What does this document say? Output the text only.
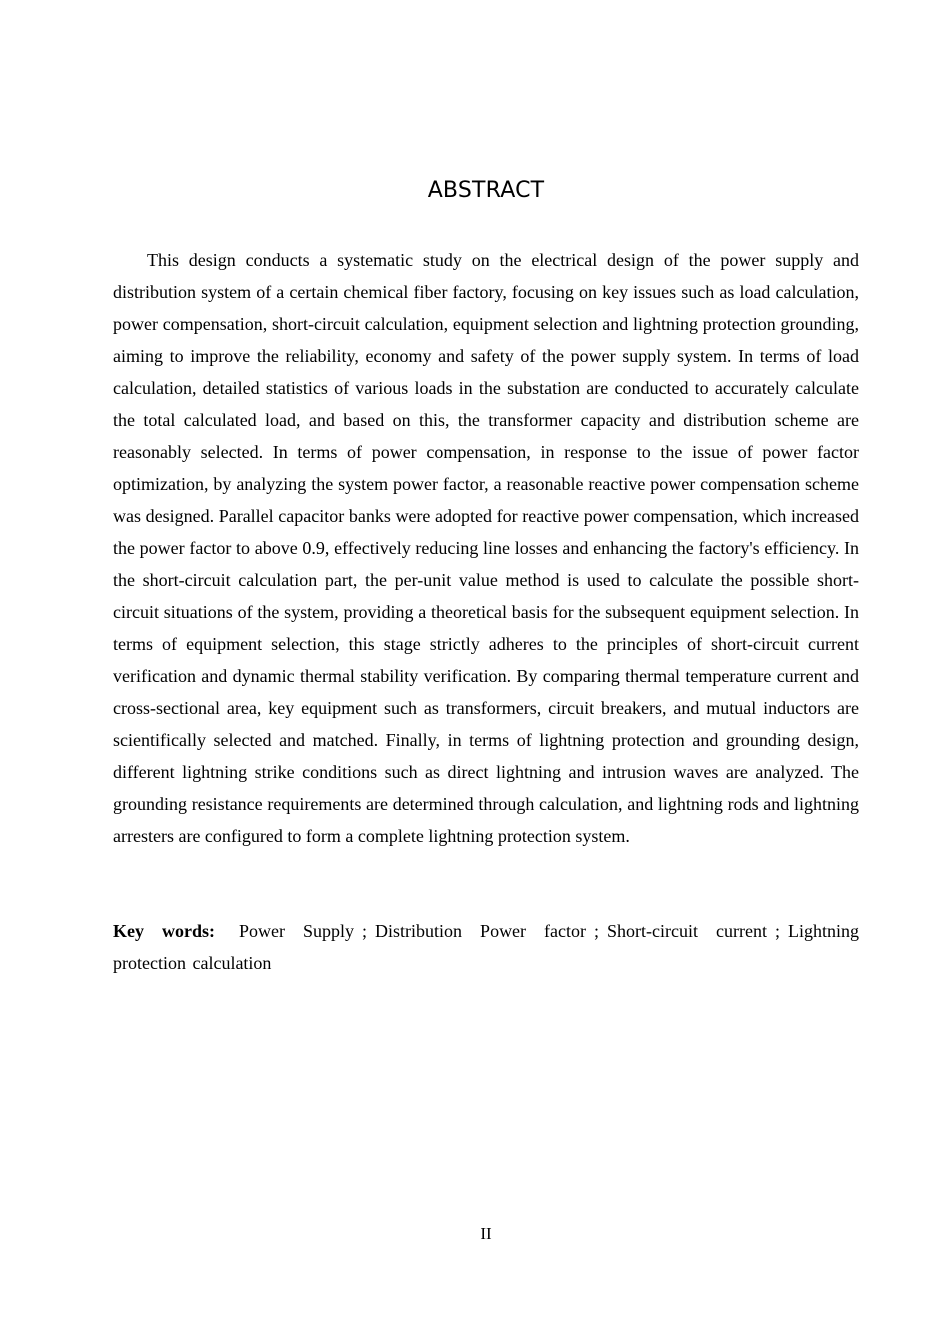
ABSTRACT

This design conducts a systematic study on the electrical design of the power supply and distribution system of a certain chemical fiber factory, focusing on key issues such as load calculation, power compensation, short-circuit calculation, equipment selection and lightning protection grounding, aiming to improve the reliability, economy and safety of the power supply system. In terms of load calculation, detailed statistics of various loads in the substation are conducted to accurately calculate the total calculated load, and based on this, the transformer capacity and distribution scheme are reasonably selected. In terms of power compensation, in response to the issue of power factor optimization, by analyzing the system power factor, a reasonable reactive power compensation scheme was designed. Parallel capacitor banks were adopted for reactive power compensation, which increased the power factor to above 0.9, effectively reducing line losses and enhancing the factory's efficiency. In the short-circuit calculation part, the per-unit value method is used to calculate the possible short-circuit situations of the system, providing a theoretical basis for the subsequent equipment selection. In terms of equipment selection, this stage strictly adheres to the principles of short-circuit current verification and dynamic thermal stability verification. By comparing thermal temperature current and cross-sectional area, key equipment such as transformers, circuit breakers, and mutual inductors are scientifically selected and matched. Finally, in terms of lightning protection and grounding design, different lightning strike conditions such as direct lightning and intrusion waves are analyzed. The grounding resistance requirements are determined through calculation, and lightning rods and lightning arresters are configured to form a complete lightning protection system.

Key words: Power Supply ; Distribution Power factor ; Short-circuit current ; Lightning protection calculation

II
